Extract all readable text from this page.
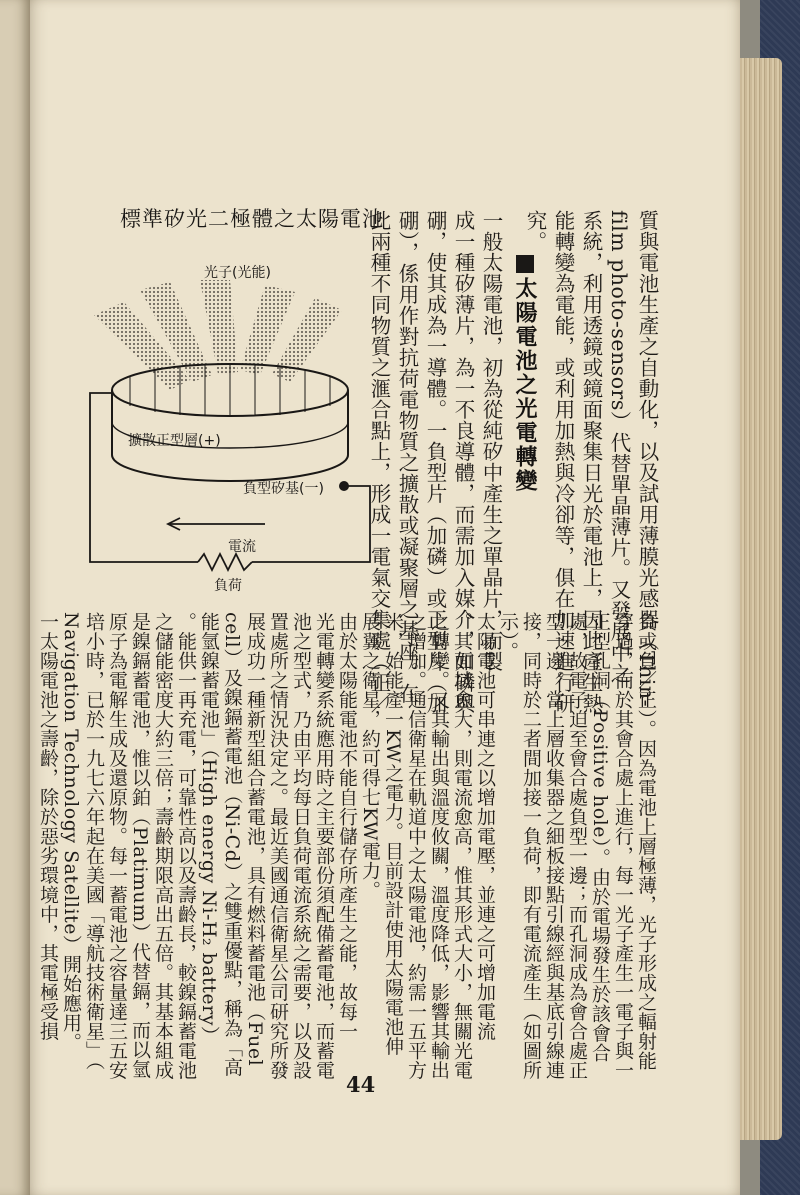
標準矽光二極體之太陽電池
光子(光能)
擴散正型層(+)
負型矽基(一)
電流
負荷	質與電池生產之自動化，以及試用薄膜光感器（Thin-
film photo-sensors）代替單晶薄片。又發展中之
系統，利用透鏡或鏡面聚集日光於電池上，因此產生熱
能轉變為電能，或利用加熱與冷卻等，俱在加速進行研
究。
太陽電池之光電轉變
一般太陽電池，初為從純矽中產生之單晶片，而製
成一種矽薄片，為一不良導體，而需加入媒介，如磷與
硼，使其成為一導體。一負型片（加磷）或正型片（加
硼），係用作對抗荷電物質之擴散或凝聚層之基座。在
此兩種不同物質之滙合點上，形成一電氣交集處（正／
負或負／正）。因為電池上層極薄，光子形成之輻射能
穿過，而於其會合處上進行，每一光子產生一電子與一
正型孔洞（Positive hole）。由於電場發生於該會合
處，故電子迫至會合處負型一邊；而孔洞成為會合處正
型一邊。當上層收集器之細板接點引線經與基底引線連
接，同時於二者間加接一負荷，即有電流產生（如圖所
示）。
太陽電池可串連之以增加電壓，並連之可增加電流
。其面域愈大，則電流愈高，惟其形式大小，無關光電
之轉變。又其輸出與溫度攸關，溫度降低，影響其輸出
之增加。通信衛星在軌道中之太陽電池，約需一五平方
米，始能產一KW之電力。目前設計使用太陽電池伸
展翼之衛星，約可得七KW電力。
由於太陽能電池不能自行儲存所產生之能，故每一
光電轉變系統應用時之主要部份須配備蓄電池，而蓄電
池之型式，乃由平均每日負荷電流系統之需要，以及設
置處所之情況決定之。最近美國通信衛星公司研究所發
展成功一種新型組合蓄電池，具有燃料蓄電池（Fuel
cell）及鎳鎘蓄電池（Ni-Cd）之雙重優點，稱為「高
能氫鎳蓄電池」（High energy Ni-H₂ battery）
。能供一再充電，可靠性高以及壽齡長，較鎳鎘蓄電池
之儲能密度大約三倍；壽齡期限高出五倍。其基本組成
是鎳鎘蓄電池，惟以鉑（Platimum）代替鎘，而以氫
原子為電解生成及還原物。每一蓄電池之容量達三五安
培小時，已於一九七六年起在美國「導航技術衛星」（
Navigation Technology Satellite）開始應用。
一太陽電池之壽齡，除於惡劣環境中，其電極受損
44
